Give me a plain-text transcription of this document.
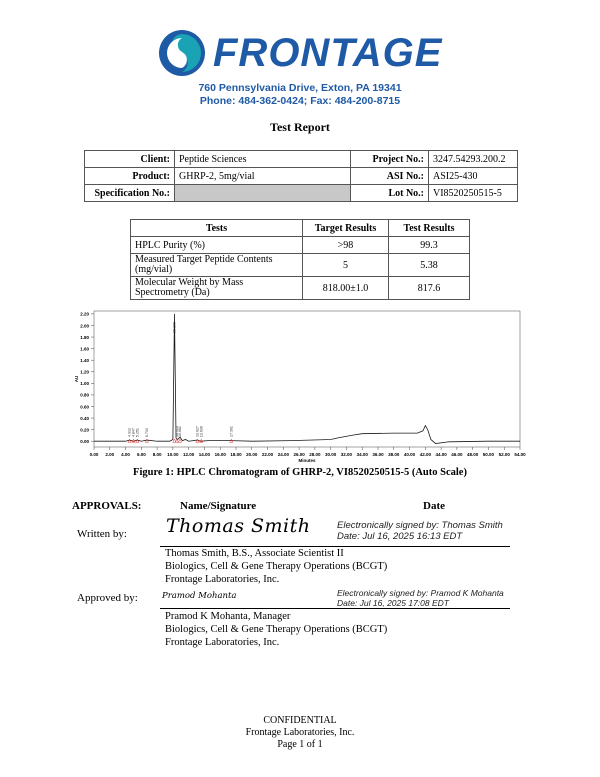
FRONTAGE
760 Pennsylvania Drive, Exton, PA 19341
Phone: 484-362-0424; Fax: 484-200-8715
Test Report
Client:	Peptide Sciences	Project No.:	3247.54293.200.2
Product:	GHRP-2, 5mg/vial	ASI No.:	ASI25-430
Specification No.:		Lot No.:	VI8520250515-5
Tests	Target Results	Test Results
HPLC Purity (%)	>98	99.3
Measured Target Peptide Contents (mg/vial)	5	5.38
Molecular Weight by Mass Spectrometry (Da)	818.00±1.0	817.6
0.00
0.20
0.40
0.60
0.80
1.00
1.20
1.40
1.60
1.80
2.00
2.20
0.00 2.00 4.00 6.00 8.00 10.00 12.00 14.00 16.00 18.00 20.00 22.00 24.00 26.00 28.00 30.00 32.00 34.00 36.00 38.00 40.00 42.00 44.00 46.00 48.00 50.00 52.00 54.00
Minutes
AU
4.312 4.847 5.251 6.733
10.108
10.413 10.681	13.027 13.636	17.301
Figure 1: HPLC Chromatogram of GHRP-2, VI8520250515-5 (Auto Scale)
APPROVALS:	Name/Signature	Date
Written by: Thomas Smith	Electronically signed by: Thomas Smith
Date: Jul 16, 2025 16:13 EDT
Thomas Smith, B.S., Associate Scientist II
Biologics, Cell & Gene Therapy Operations (BCGT)
Frontage Laboratories, Inc.
Approved by:	Pramod Mohanta	Electronically signed by: Pramod K Mohanta
Date: Jul 16, 2025 17:08 EDT
Pramod K Mohanta, Manager
Biologics, Cell & Gene Therapy Operations (BCGT)
Frontage Laboratories, Inc.
CONFIDENTIAL
Frontage Laboratories, Inc.
Page 1 of 1
